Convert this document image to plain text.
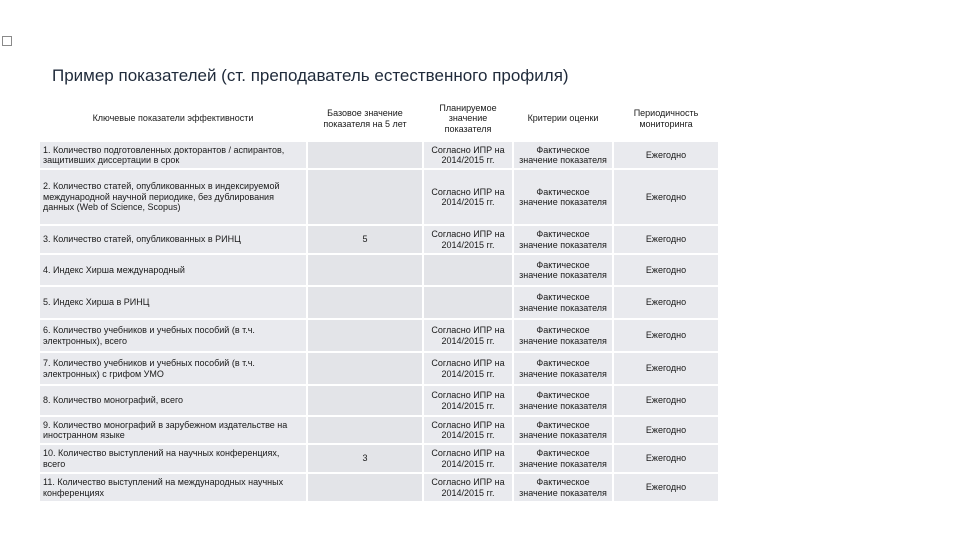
Пример показателей (ст. преподаватель естественного профиля)
Ключевые показатели эффективности	Базовое значение показателя на 5 лет	Планируемое значение показателя	Критерии оценки	Периодичность мониторинга
1. Количество подготовленных докторантов / аспирантов, защитивших диссертации в срок		Согласно ИПР на 2014/2015 гг.	Фактическое значение показателя	Ежегодно
2. Количество статей, опубликованных в индексируемой международной научной периодике, без дублирования данных (Web of Science, Scopus)		Согласно ИПР на 2014/2015 гг.	Фактическое значение показателя	Ежегодно
3. Количество статей, опубликованных в РИНЦ	5	Согласно ИПР на 2014/2015 гг.	Фактическое значение показателя	Ежегодно
4. Индекс Хирша международный			Фактическое значение показателя	Ежегодно
5. Индекс Хирша в РИНЦ			Фактическое значение показателя	Ежегодно
6. Количество учебников и учебных пособий (в т.ч. электронных), всего		Согласно ИПР на 2014/2015 гг.	Фактическое значение показателя	Ежегодно
7. Количество учебников и учебных пособий (в т.ч. электронных) с грифом УМО		Согласно ИПР на 2014/2015 гг.	Фактическое значение показателя	Ежегодно
8. Количество монографий, всего		Согласно ИПР на 2014/2015 гг.	Фактическое значение показателя	Ежегодно
9. Количество монографий в зарубежном издательстве на иностранном языке		Согласно ИПР на 2014/2015 гг.	Фактическое значение показателя	Ежегодно
10. Количество выступлений на научных конференциях, всего	3	Согласно ИПР на 2014/2015 гг.	Фактическое значение показателя	Ежегодно
11. Количество выступлений на международных научных конференциях		Согласно ИПР на 2014/2015 гг.	Фактическое значение показателя	Ежегодно
